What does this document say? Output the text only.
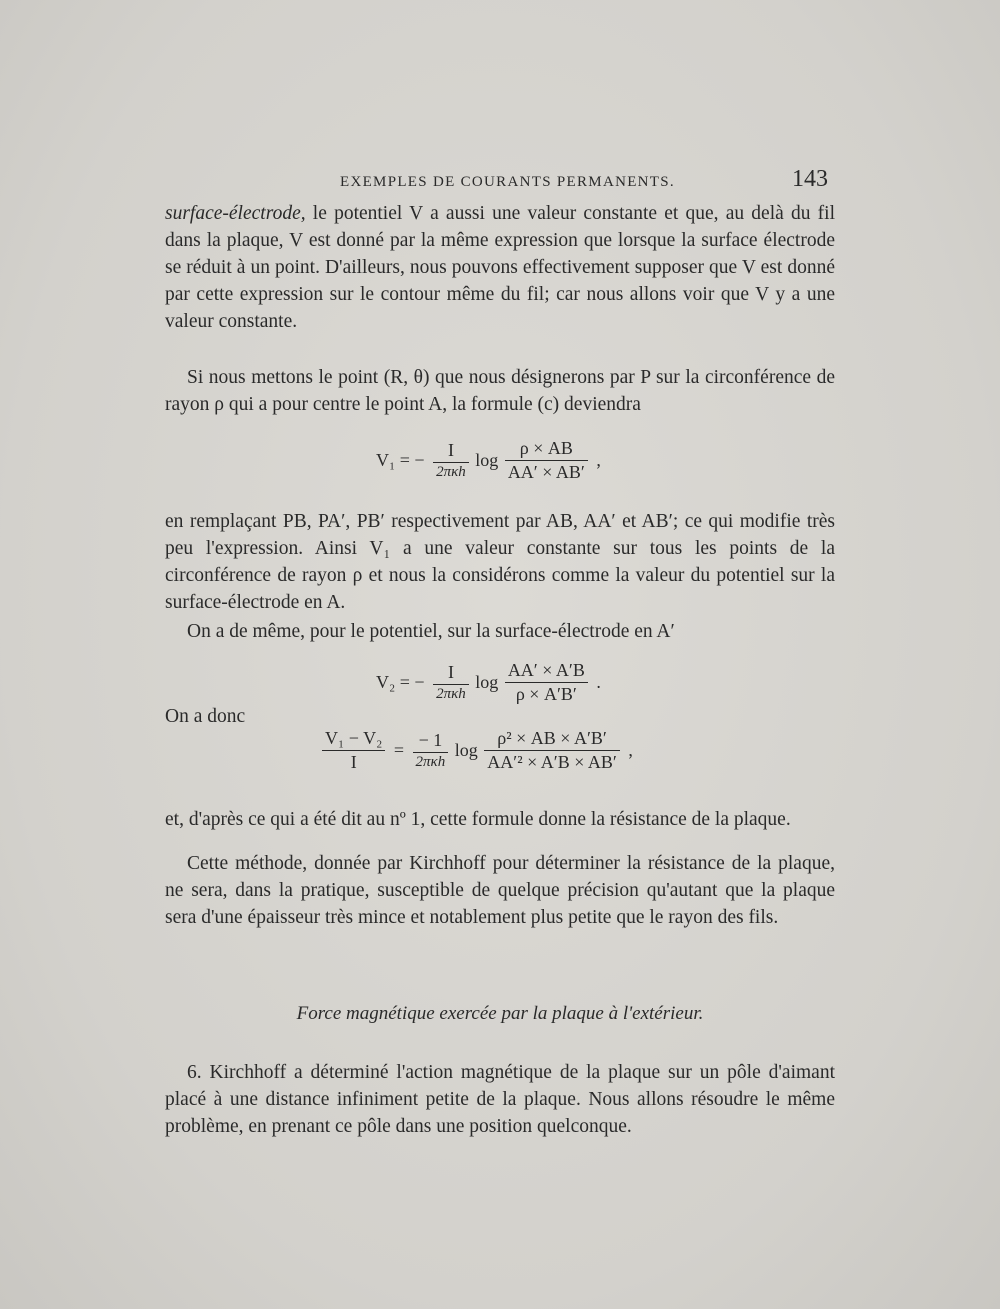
EXEMPLES DE COURANTS PERMANENTS.	143

surface-électrode, le potentiel V a aussi une valeur constante et que, au delà du fil dans la plaque, V est donné par la même expression que lorsque la surface électrode se réduit à un point. D'ailleurs, nous pouvons effectivement supposer que V est donné par cette expression sur le contour même du fil; car nous allons voir que V y a une valeur constante.

Si nous mettons le point (R, θ) que nous désignerons par P sur la circonférence de rayon ρ qui a pour centre le point A, la formule (c) deviendra

V₁ = − $\frac{I}{\text{2πκh}}$ $\log \frac{\rho \times AB}{AA' \times AB'}$ ,

en remplaçant PB, PA′, PB′ respectivement par AB, AA′ et AB′; ce qui modifie très peu l'expression. Ainsi V₁ a une valeur constante sur tous les points de la circonférence de rayon ρ et nous la considérons comme la valeur du potentiel sur la surface-électrode en A.

On a de même, pour le potentiel, sur la surface-électrode en A′

V₂ = − $\frac{I}{\text{2πκh}}$ $\log \frac{AA' \times A'B}{\rho \times A'B'}$ .
On a donc
$\frac{\text{V₁ − V₂}}{I} = \frac{- 1}{\text{2πκh}}$ $\log \frac{\text{ρ² × AB × A′B′}}{\text{AA′² × A′B × AB′}}$ ,

et, d'après ce qui a été dit au nº 1, cette formule donne la résistance de la plaque.

Cette méthode, donnée par Kirchhoff pour déterminer la résistance de la plaque, ne sera, dans la pratique, susceptible de quelque précision qu'autant que la plaque sera d'une épaisseur très mince et notablement plus petite que le rayon des fils.

Force magnétique exercée par la plaque à l'extérieur.

6. Kirchhoff a déterminé l'action magnétique de la plaque sur un pôle d'aimant placé à une distance infiniment petite de la plaque. Nous allons résoudre le même problème, en prenant ce pôle dans une position quelconque.
